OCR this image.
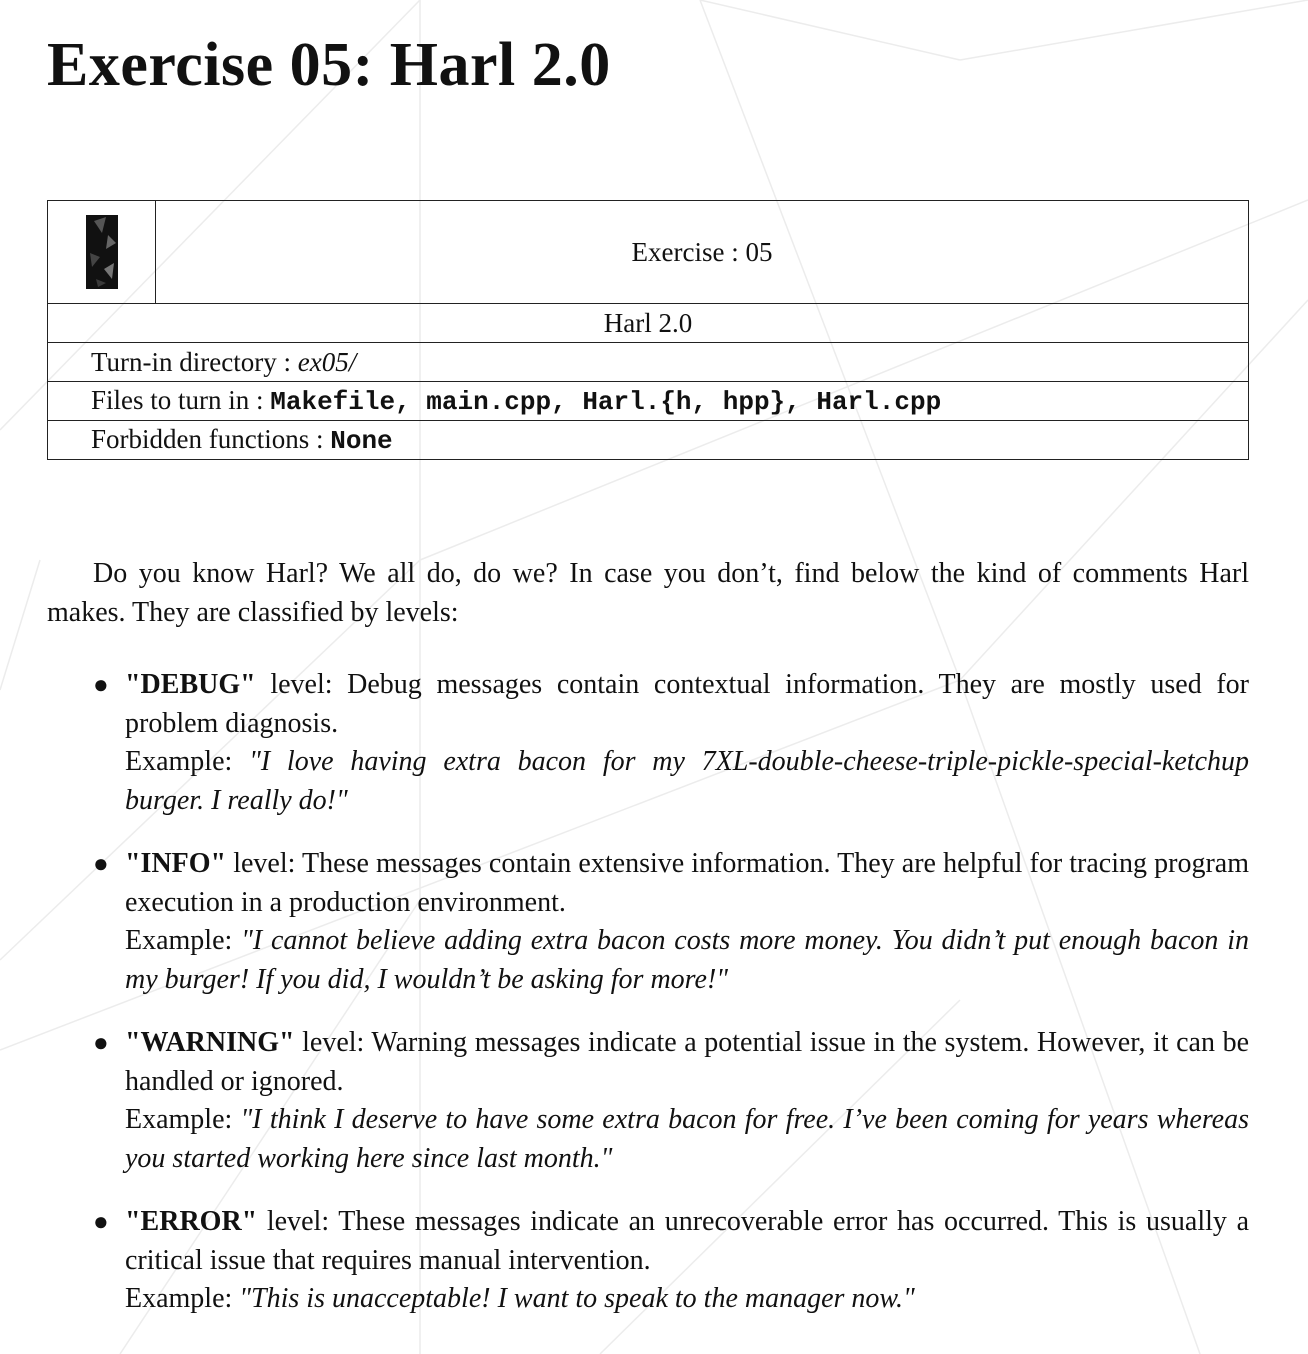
Exercise 05: Harl 2.0
	Exercise : 05
Harl 2.0
Turn-in directory : ex05/
Files to turn in : Makefile, main.cpp, Harl.{h, hpp}, Harl.cpp
Forbidden functions : None

Do you know Harl? We all do, do we? In case you don’t, find below the kind of comments Harl makes. They are classified by levels:

● "DEBUG" level: Debug messages contain contextual information. They are mostly used for problem diagnosis.
Example: "I love having extra bacon for my 7XL-double-cheese-triple-pickle-special-ketchup burger. I really do!"
● "INFO" level: These messages contain extensive information. They are helpful for tracing program execution in a production environment.
Example: "I cannot believe adding extra bacon costs more money. You didn’t put enough bacon in my burger! If you did, I wouldn’t be asking for more!"
● "WARNING" level: Warning messages indicate a potential issue in the system. However, it can be handled or ignored.
Example: "I think I deserve to have some extra bacon for free. I’ve been coming for years whereas you started working here since last month."
● "ERROR" level: These messages indicate an unrecoverable error has occurred. This is usually a critical issue that requires manual intervention.
Example: "This is unacceptable! I want to speak to the manager now."
